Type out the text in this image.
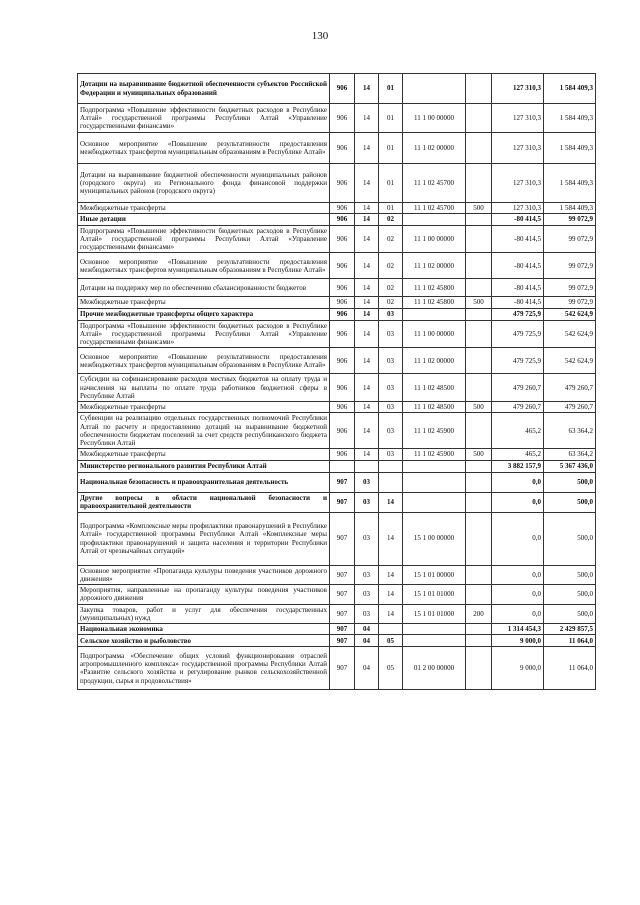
130
Дотации на выравнивание бюджетной обеспеченности субъектов Российской Федерации и муниципальных образований	906	14	01			127 310,3	1 584 409,3
Подпрограмма «Повышение эффективности бюджетных расходов в Республике Алтай» государственной программы Республики Алтай «Управление государственными финансами»	906	14	01	11 1 00 00000		127 310,3	1 584 409,3
Основное мероприятие «Повышение результативности предоставления межбюджетных трансфертов муниципальным образованиям в Республике Алтай»	906	14	01	11 1 02 00000		127 310,3	1 584 409,3
Дотации на выравнивание бюджетной обеспеченности муниципальных районов (городского округа) из Регионального фонда финансовой поддержки муниципальных районов (городского округа)	906	14	01	11 1 02 45700		127 310,3	1 584 409,3
Межбюджетные трансферты	906	14	01	11 1 02 45700	500	127 310,3	1 584 409,3
Иные дотации	906	14	02			-80 414,5	99 072,9
Подпрограмма «Повышение эффективности бюджетных расходов в Республике Алтай» государственной программы Республики Алтай «Управление государственными финансами»	906	14	02	11 1 00 00000		-80 414,5	99 072,9
Основное мероприятие «Повышение результативности предоставления межбюджетных трансфертов муниципальным образованиям в Республике Алтай»	906	14	02	11 1 02 00000		-80 414,5	99 072,9
Дотации на поддержку мер по обеспечению сбалансированности бюджетов	906	14	02	11 1 02 45800		-80 414,5	99 072,9
Межбюджетные трансферты	906	14	02	11 1 02 45800	500	-80 414,5	99 072,9
Прочие межбюджетные трансферты общего характера	906	14	03			479 725,9	542 624,9
Подпрограмма «Повышение эффективности бюджетных расходов в Республике Алтай» государственной программы Республики Алтай «Управление государственными финансами»	906	14	03	11 1 00 00000		479 725,9	542 624,9
Основное мероприятие «Повышение результативности предоставления межбюджетных трансфертов муниципальным образованиям в Республике Алтай»	906	14	03	11 1 02 00000		479 725,9	542 624,9
Субсидии на софинансирование расходов местных бюджетов на оплату труда и начисления на выплаты по оплате труда работников бюджетной сферы в Республике Алтай	906	14	03	11 1 02 48500		479 260,7	479 260,7
Межбюджетные трансферты	906	14	03	11 1 02 48500	500	479 260,7	479 260,7
Субвенции на реализацию отдельных государственных полномочий Республики Алтай по расчету и предоставлению дотаций на выравнивание бюджетной обеспеченности бюджетам поселений за счет средств республиканского бюджета Республики Алтай	906	14	03	11 1 02 45900		465,2	63 364,2
Межбюджетные трансферты	906	14	03	11 1 02 45900	500	465,2	63 364,2
Министерство регионального развития Республики Алтай						3 882 157,9	5 367 436,0
Национальная безопасность и правоохранительная деятельность	907	03				0,0	500,0
Другие вопросы в области национальной безопасности и правоохранительной деятельности	907	03	14			0,0	500,0
Подпрограмма «Комплексные меры профилактики правонарушений в Республике Алтай» государственной программы Республики Алтай «Комплексные меры профилактики правонарушений и защита населения и территории Республики Алтай от чрезвычайных ситуаций»	907	03	14	15 1 00 00000		0,0	500,0
Основное мероприятие «Пропаганда культуры поведения участников дорожного движения»	907	03	14	15 1 01 00000		0,0	500,0
Мероприятия, направленные на пропаганду культуры поведения участников дорожного движения	907	03	14	15 1 01 01000		0,0	500,0
Закупка товаров, работ и услуг для обеспечения государственных (муниципальных) нужд	907	03	14	15 1 01 01000	200	0,0	500,0
Национальная экономика	907	04				1 314 454,3	2 429 857,5
Сельское хозяйство и рыболовство	907	04	05			9 000,0	11 064,0
Подпрограмма «Обеспечение общих условий функционирования отраслей агропромышленного комплекса» государственной программы Республики Алтай «Развитие сельского хозяйства и регулирование рынков сельскохозяйственной продукции, сырья и продовольствия»	907	04	05	01 2 00 00000		9 000,0	11 064,0
